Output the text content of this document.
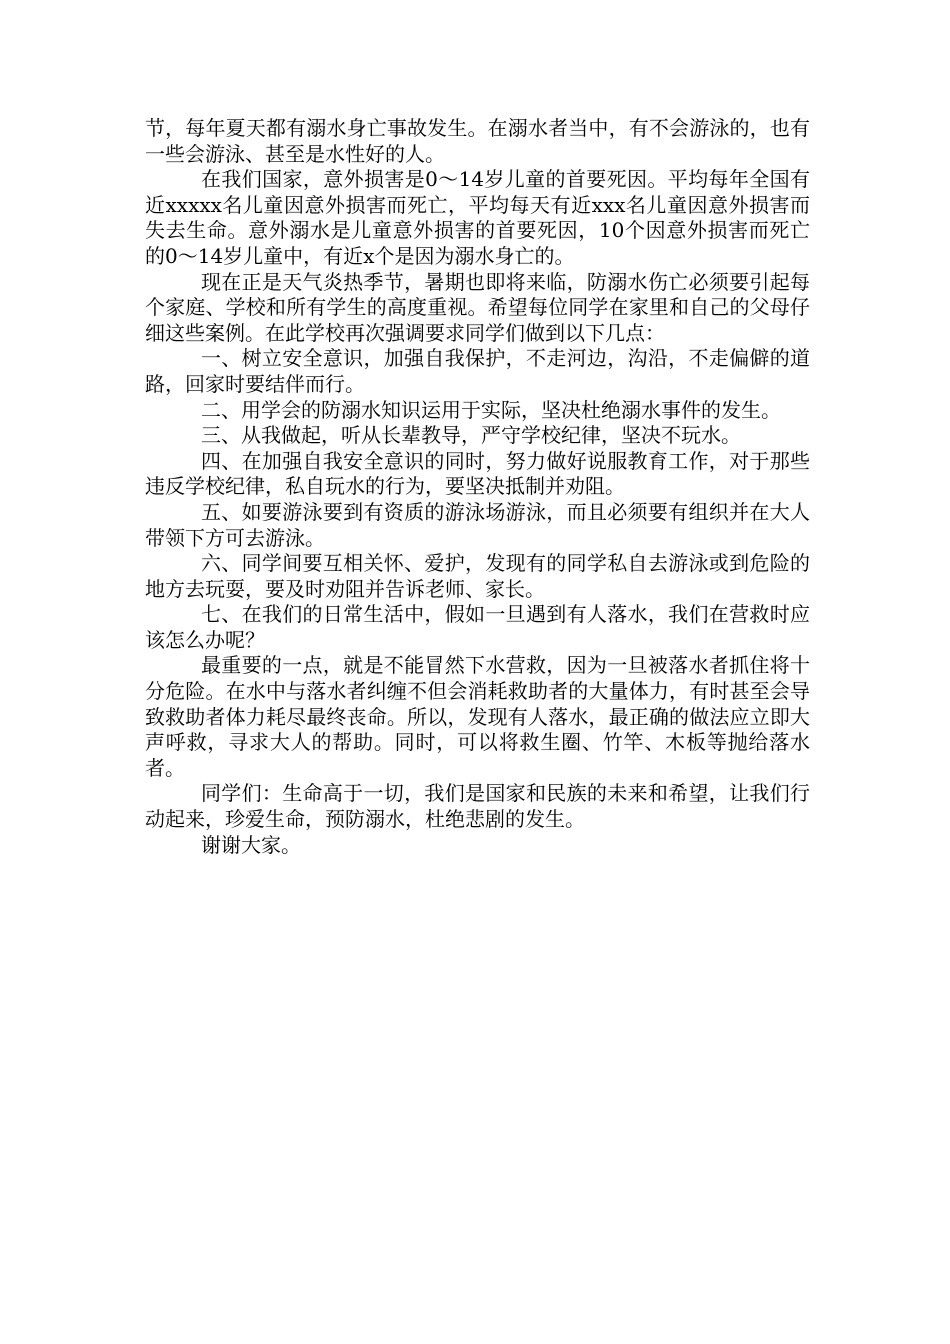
节，每年夏天都有溺水身亡事故发生。在溺水者当中，有不会游泳的，也有一些会游泳、甚至是水性好的人。

在我们国家，意外损害是0～14岁儿童的首要死因。平均每年全国有近xxxxx名儿童因意外损害而死亡，平均每天有近xxx名儿童因意外损害而失去生命。意外溺水是儿童意外损害的首要死因，10个因意外损害而死亡的0～14岁儿童中，有近x个是因为溺水身亡的。

现在正是天气炎热季节，暑期也即将来临，防溺水伤亡必须要引起每个家庭、学校和所有学生的高度重视。希望每位同学在家里和自己的父母仔细这些案例。在此学校再次强调要求同学们做到以下几点：

一、树立安全意识，加强自我保护，不走河边，沟沿，不走偏僻的道路，回家时要结伴而行。

二、用学会的防溺水知识运用于实际，坚决杜绝溺水事件的发生。

三、从我做起，听从长辈教导，严守学校纪律，坚决不玩水。

四、在加强自我安全意识的同时，努力做好说服教育工作，对于那些违反学校纪律，私自玩水的行为，要坚决抵制并劝阻。

五、如要游泳要到有资质的游泳场游泳，而且必须要有组织并在大人带领下方可去游泳。

六、同学间要互相关怀、爱护，发现有的同学私自去游泳或到危险的地方去玩耍，要及时劝阻并告诉老师、家长。

七、在我们的日常生活中，假如一旦遇到有人落水，我们在营救时应该怎么办呢？

最重要的一点，就是不能冒然下水营救，因为一旦被落水者抓住将十分危险。在水中与落水者纠缠不但会消耗救助者的大量体力，有时甚至会导致救助者体力耗尽最终丧命。所以，发现有人落水，最正确的做法应立即大声呼救，寻求大人的帮助。同时，可以将救生圈、竹竿、木板等抛给落水者。

同学们：生命高于一切，我们是国家和民族的未来和希望，让我们行动起来，珍爱生命，预防溺水，杜绝悲剧的发生。

谢谢大家。
